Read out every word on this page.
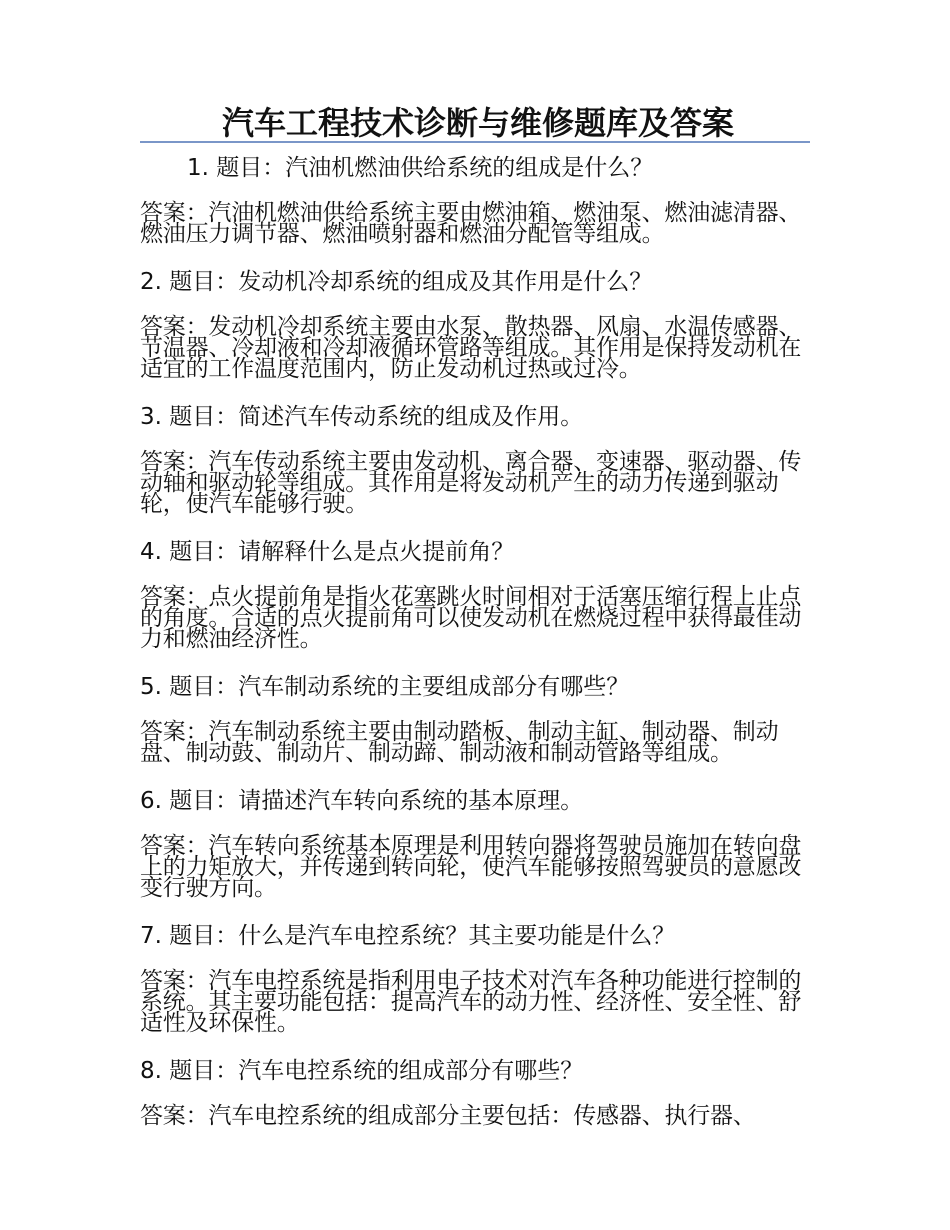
汽车工程技术诊断与维修题库及答案

1. 题目：汽油机燃油供给系统的组成是什么？

答案：汽油机燃油供给系统主要由燃油箱、燃油泵、燃油滤清器、燃油压力调节器、燃油喷射器和燃油分配管等组成。

2. 题目：发动机冷却系统的组成及其作用是什么？

答案：发动机冷却系统主要由水泵、散热器、风扇、水温传感器、节温器、冷却液和冷却液循环管路等组成。其作用是保持发动机在适宜的工作温度范围内，防止发动机过热或过冷。

3. 题目：简述汽车传动系统的组成及作用。

答案：汽车传动系统主要由发动机、离合器、变速器、驱动器、传动轴和驱动轮等组成。其作用是将发动机产生的动力传递到驱动轮，使汽车能够行驶。

4. 题目：请解释什么是点火提前角？

答案：点火提前角是指火花塞跳火时间相对于活塞压缩行程上止点的角度。合适的点火提前角可以使发动机在燃烧过程中获得最佳动力和燃油经济性。

5. 题目：汽车制动系统的主要组成部分有哪些？

答案：汽车制动系统主要由制动踏板、制动主缸、制动器、制动盘、制动鼓、制动片、制动蹄、制动液和制动管路等组成。

6. 题目：请描述汽车转向系统的基本原理。

答案：汽车转向系统基本原理是利用转向器将驾驶员施加在转向盘上的力矩放大，并传递到转向轮，使汽车能够按照驾驶员的意愿改变行驶方向。

7. 题目：什么是汽车电控系统？其主要功能是什么？

答案：汽车电控系统是指利用电子技术对汽车各种功能进行控制的系统。其主要功能包括：提高汽车的动力性、经济性、安全性、舒适性及环保性。

8. 题目：汽车电控系统的组成部分有哪些？

答案：汽车电控系统的组成部分主要包括：传感器、执行器、
